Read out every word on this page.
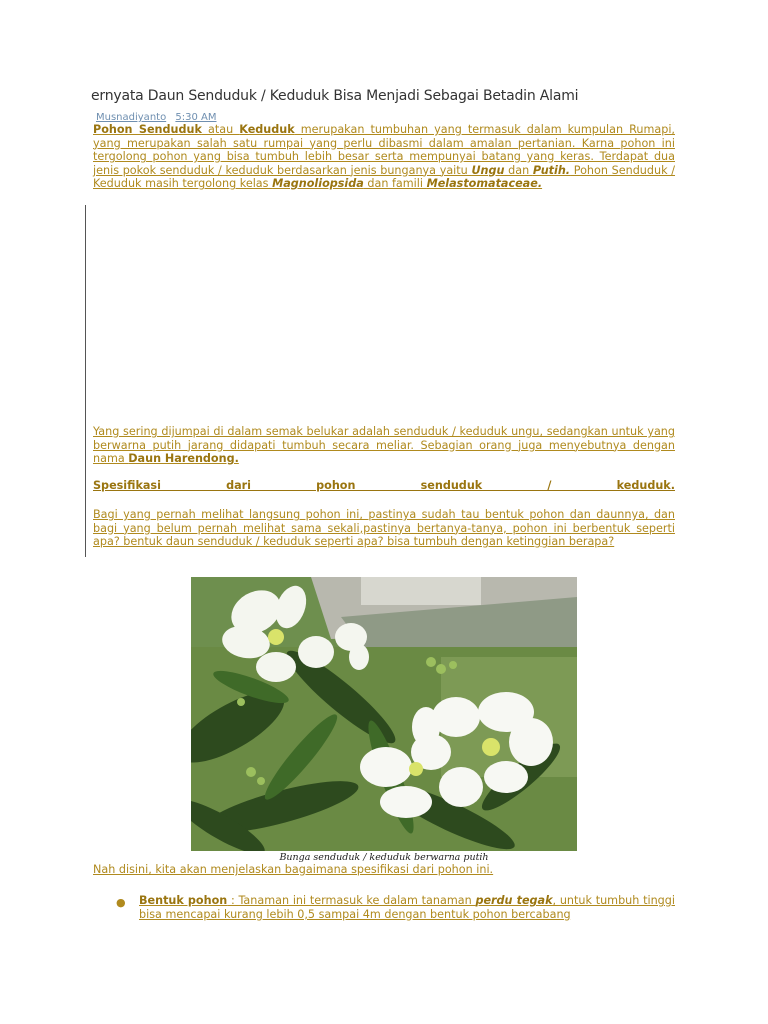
ernyata Daun Senduduk / Keduduk Bisa Menjadi Sebagai Betadin Alami
Musnadiyanto 5:30 AM
Pohon Senduduk atau Keduduk merupakan tumbuhan yang termasuk dalam kumpulan Rumapi, yang merupakan salah satu rumpai yang perlu dibasmi dalam amalan pertanian. Karna pohon ini tergolong pohon yang bisa tumbuh lebih besar serta mempunyai batang yang keras. Terdapat dua jenis pokok senduduk / keduduk berdasarkan jenis bunganya yaitu Ungu dan Putih. Pohon Senduduk / Keduduk masih tergolong kelas Magnoliopsida dan famili Melastomataceae.
Yang sering dijumpai di dalam semak belukar adalah senduduk / keduduk ungu, sedangkan untuk yang berwarna putih jarang didapati tumbuh secara meliar. Sebagian orang juga menyebutnya dengan nama Daun Harendong.
Spesifikasi dari pohon senduduk / keduduk.
Bagi yang pernah melihat langsung pohon ini, pastinya sudah tau bentuk pohon dan daunnya, dan bagi yang belum pernah melihat sama sekali,pastinya bertanya-tanya, pohon ini berbentuk seperti apa? bentuk daun senduduk / keduduk seperti apa? bisa tumbuh dengan ketinggian berapa?
Bunga senduduk / keduduk berwarna putih
Nah disini, kita akan menjelaskan bagaimana spesifikasi dari pohon ini.
● Bentuk pohon : Tanaman ini termasuk ke dalam tanaman perdu tegak, untuk tumbuh tinggi bisa mencapai kurang lebih 0,5 sampai 4m dengan bentuk pohon bercabang
